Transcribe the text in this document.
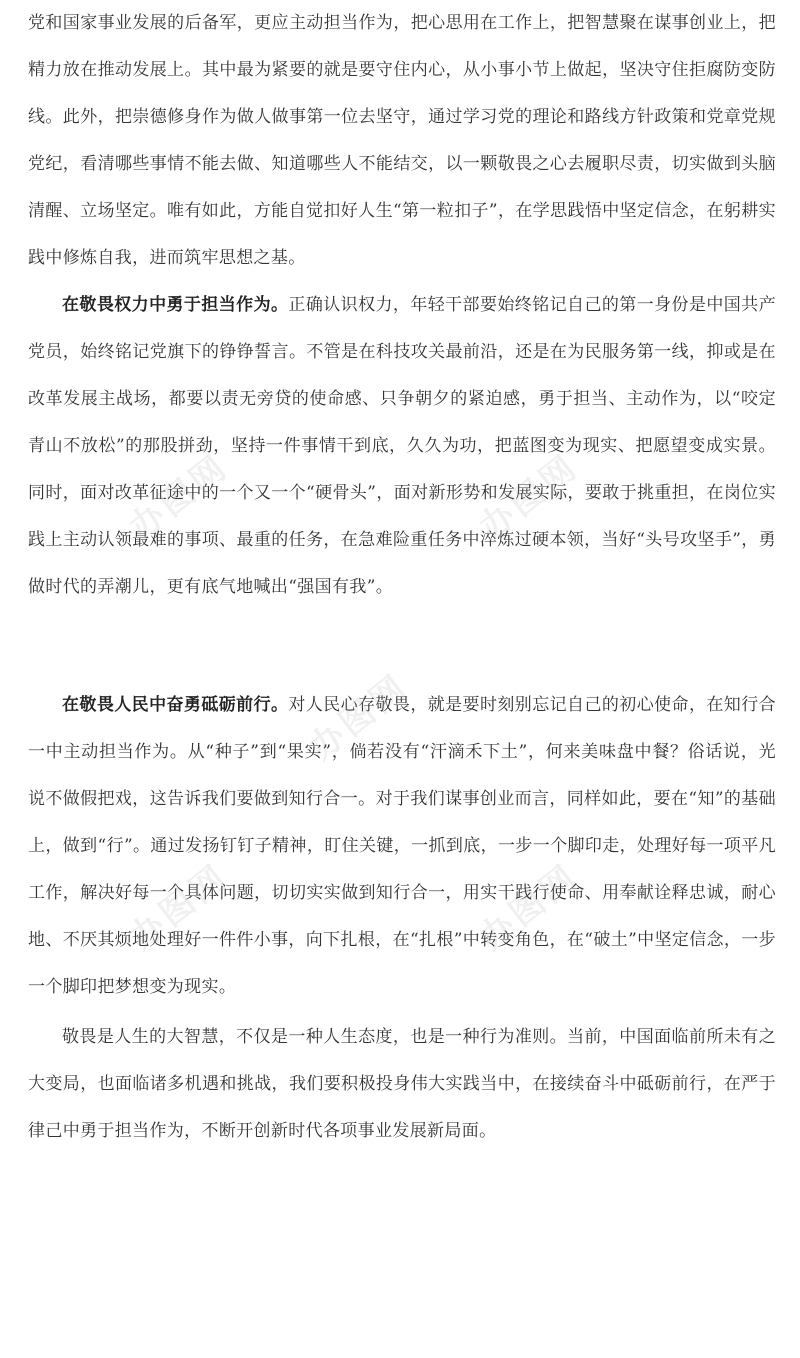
党和国家事业发展的后备军，更应主动担当作为，把心思用在工作上，把智慧聚在谋事创业上，把精力放在推动发展上。其中最为紧要的就是要守住内心，从小事小节上做起，坚决守住拒腐防变防线。此外，把崇德修身作为做人做事第一位去坚守，通过学习党的理论和路线方针政策和党章党规党纪，看清哪些事情不能去做、知道哪些人不能结交，以一颗敬畏之心去履职尽责，切实做到头脑清醒、立场坚定。唯有如此，方能自觉扣好人生“第一粒扣子”，在学思践悟中坚定信念，在躬耕实践中修炼自我，进而筑牢思想之基。

在敬畏权力中勇于担当作为。正确认识权力，年轻干部要始终铭记自己的第一身份是中国共产党员，始终铭记党旗下的铮铮誓言。不管是在科技攻关最前沿，还是在为民服务第一线，抑或是在改革发展主战场，都要以责无旁贷的使命感、只争朝夕的紧迫感，勇于担当、主动作为，以“咬定青山不放松”的那股拼劲，坚持一件事情干到底，久久为功，把蓝图变为现实、把愿望变成实景。同时，面对改革征途中的一个又一个“硬骨头”，面对新形势和发展实际，要敢于挑重担，在岗位实践上主动认领最难的事项、最重的任务，在急难险重任务中淬炼过硬本领，当好“头号攻坚手”，勇做时代的弄潮儿，更有底气地喊出“强国有我”。

在敬畏人民中奋勇砥砺前行。对人民心存敬畏，就是要时刻别忘记自己的初心使命，在知行合一中主动担当作为。从“种子”到“果实”，倘若没有“汗滴禾下土”，何来美味盘中餐？俗话说，光说不做假把戏，这告诉我们要做到知行合一。对于我们谋事创业而言，同样如此，要在“知”的基础上，做到“行”。通过发扬钉钉子精神，盯住关键，一抓到底，一步一个脚印走，处理好每一项平凡工作，解决好每一个具体问题，切切实实做到知行合一，用实干践行使命、用奉献诠释忠诚，耐心地、不厌其烦地处理好一件件小事，向下扎根，在“扎根”中转变角色，在“破土”中坚定信念，一步一个脚印把梦想变为现实。

敬畏是人生的大智慧，不仅是一种人生态度，也是一种行为准则。当前，中国面临前所未有之大变局，也面临诸多机遇和挑战，我们要积极投身伟大实践当中，在接续奋斗中砥砺前行，在严于律己中勇于担当作为，不断开创新时代各项事业发展新局面。

办图网	办图网
办图网
办图网	办图网
